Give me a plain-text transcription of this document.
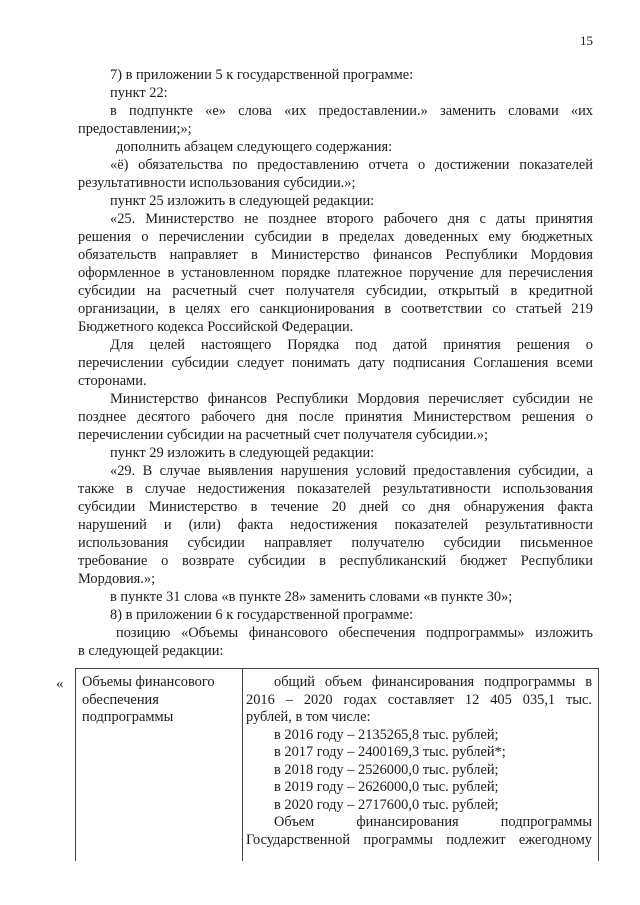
15
7) в приложении 5 к государственной программе:
пункт 22:
в подпункте «е» слова «их предоставлении.» заменить словами «их
предоставлении;»;
дополнить абзацем следующего содержания:
«ё) обязательства по предоставлению отчета о достижении показателей
результативности использования субсидии.»;
пункт 25 изложить в следующей редакции:
«25. Министерство не позднее второго рабочего дня с даты принятия
решения о перечислении субсидии в пределах доведенных ему бюджетных
обязательств направляет в Министерство финансов Республики Мордовия
оформленное в установленном порядке платежное поручение для перечисления
субсидии на расчетный счет получателя субсидии, открытый в кредитной
организации, в целях его санкционирования в соответствии со статьей 219
Бюджетного кодекса Российской Федерации.
Для целей настоящего Порядка под датой принятия решения о
перечислении субсидии следует понимать дату подписания Соглашения всеми
сторонами.
Министерство финансов Республики Мордовия перечисляет субсидии не
позднее десятого рабочего дня после принятия Министерством решения о
перечислении субсидии на расчетный счет получателя субсидии.»;
пункт 29 изложить в следующей редакции:
«29. В случае выявления нарушения условий предоставления субсидии, а
также в случае недостижения показателей результативности использования
субсидии Министерство в течение 20 дней со дня обнаружения факта
нарушений и (или) факта недостижения показателей результативности
использования субсидии направляет получателю субсидии письменное
требование о возврате субсидии в республиканский бюджет Республики
Мордовия.»;
в пункте 31 слова «в пункте 28» заменить словами «в пункте 30»;
8) в приложении 6 к государственной программе:
позицию «Объемы финансового обеспечения подпрограммы» изложить
в следующей редакции:
« Объемы финансового
обеспечения
подпрограммы
общий объем финансирования подпрограммы в
2016 – 2020 годах составляет 12 405 035,1 тыс.
рублей, в том числе:
в 2016 году – 2135265,8 тыс. рублей;
в 2017 году – 2400169,3 тыс. рублей*;
в 2018 году – 2526000,0 тыс. рублей;
в 2019 году – 2626000,0 тыс. рублей;
в 2020 году – 2717600,0 тыс. рублей;
Объем финансирования подпрограммы
Государственной программы подлежит ежегодному
